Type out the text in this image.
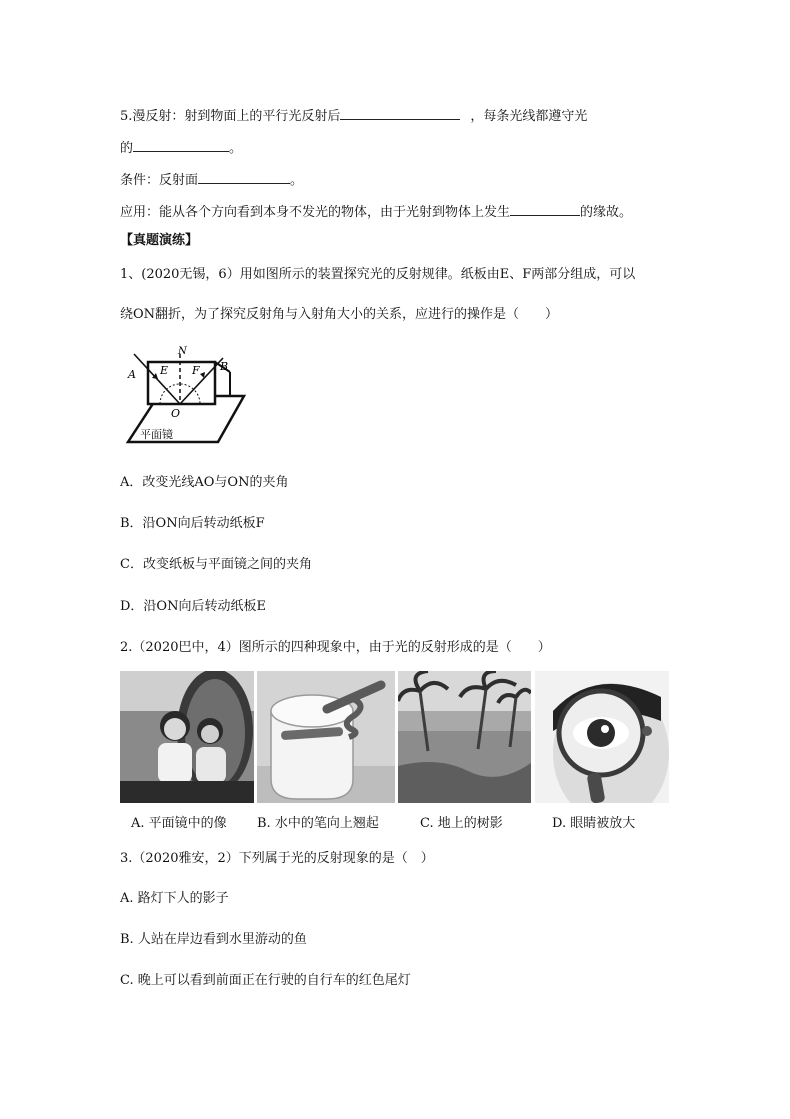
5.漫反射：射到物面上的平行光反射后	，每条光线都遵守光
的	。
条件：反射面	。
应用：能从各个方向看到本身不发光的物体，由于光射到物体上发生	的缘故。
【真题演练】
1、(2020无锡，6）用如图所示的装置探究光的反射规律。纸板由E、F两部分组成，可以
绕ON翻折，为了探究反射角与入射角大小的关系，应进行的操作是（　　）
N
A
B
E F
O
平面镜
A．改变光线AO与ON的夹角
B．沿ON向后转动纸板F
C．改变纸板与平面镜之间的夹角
D．沿ON向后转动纸板E
2.（2020巴中，4）图所示的四种现象中，由于光的反射形成的是（　　）
A. 平面镜中的像 B. 水中的笔向上翘起	C. 地上的树影	D. 眼睛被放大
3.（2020雅安，2）下列属于光的反射现象的是（　）
A. 路灯下人的影子
B. 人站在岸边看到水里游动的鱼
C. 晚上可以看到前面正在行驶的自行车的红色尾灯
